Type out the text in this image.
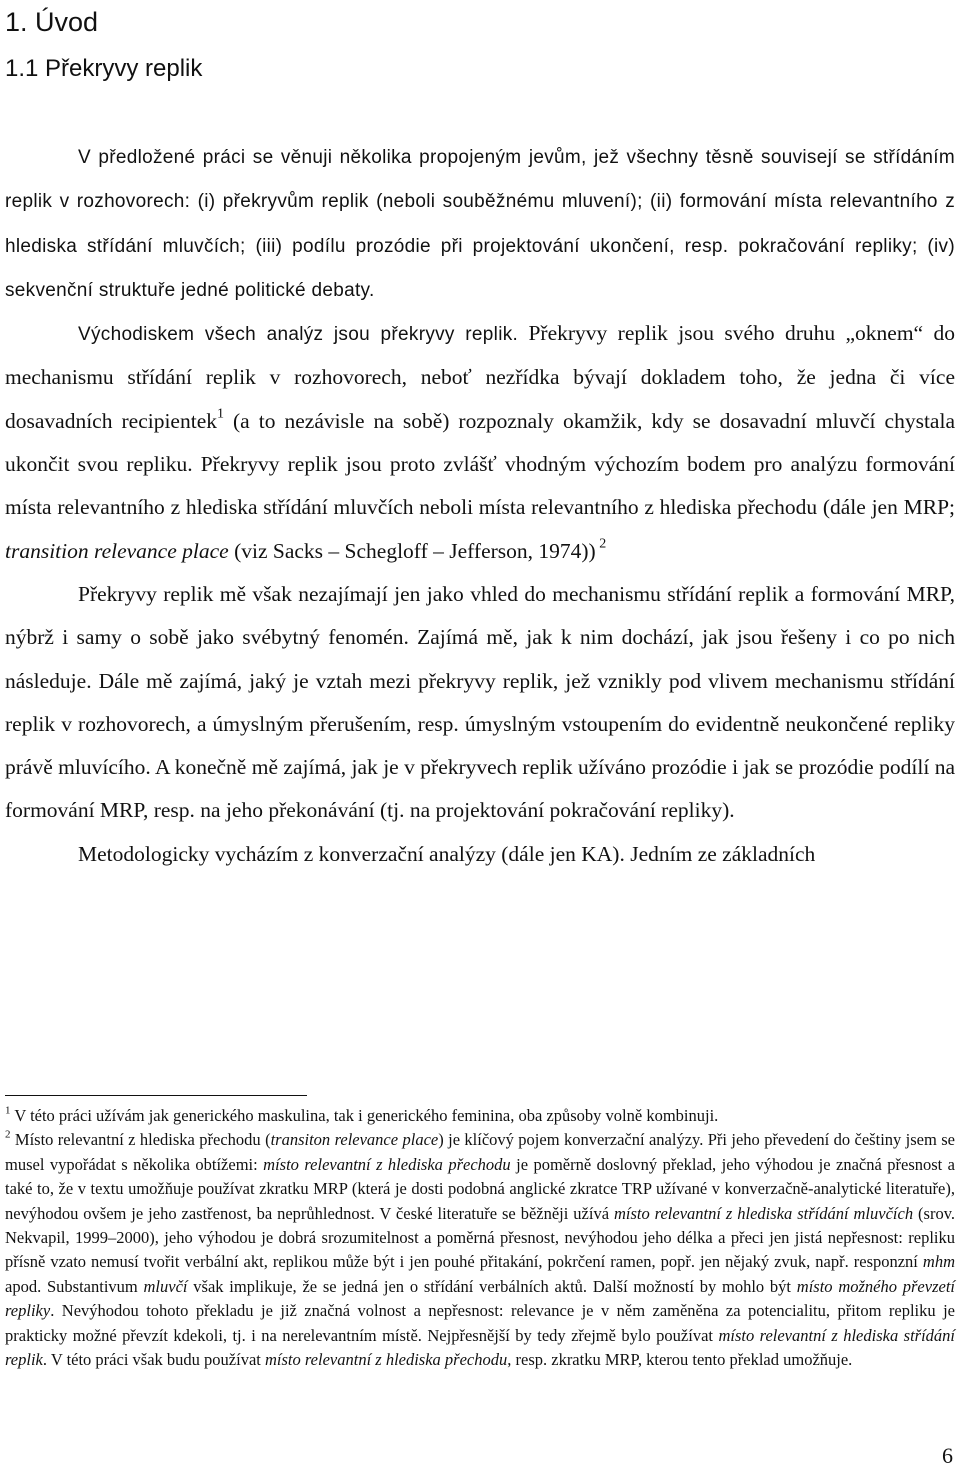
1. Úvod
1.1 Překryvy replik

V předložené práci se věnuji několika propojeným jevům, jež všechny těsně souvisejí se střídáním replik v rozhovorech: (i) překryvům replik (neboli souběžnému mluvení); (ii) formování místa relevantního z hlediska střídání mluvčích; (iii) podílu prozódie při projektování ukončení, resp. pokračování repliky; (iv) sekvenční struktuře jedné politické debaty.

Východiskem všech analýz jsou překryvy replik. Překryvy replik jsou svého druhu „oknem“ do mechanismu střídání replik v rozhovorech, neboť nezřídka bývají dokladem toho, že jedna či více dosavadních recipientek$^1$ (a to nezávisle na sobě) rozpoznaly okamžik, kdy se dosavadní mluvčí chystala ukončit svou repliku. Překryvy replik jsou proto zvlášť vhodným výchozím bodem pro analýzu formování místa relevantního z hlediska střídání mluvčích neboli místa relevantního z hlediska přechodu (dále jen MRP; transition relevance place (viz Sacks – Schegloff – Jefferson, 1974)) $^2$

Překryvy replik mě však nezajímají jen jako vhled do mechanismu střídání replik a formování MRP, nýbrž i samy o sobě jako svébytný fenomén. Zajímá mě, jak k nim dochází, jak jsou řešeny i co po nich následuje. Dále mě zajímá, jaký je vztah mezi překryvy replik, jež vznikly pod vlivem mechanismu střídání replik v rozhovorech, a úmyslným přerušením, resp. úmyslným vstoupením do evidentně neukončené repliky právě mluvícího. A konečně mě zajímá, jak je v překryvech replik užíváno prozódie i jak se prozódie podílí na formování MRP, resp. na jeho překonávání (tj. na projektování pokračování repliky).

Metodologicky vycházím z konverzační analýzy (dále jen KA). Jedním ze základních

$^1$ V této práci užívám jak generického maskulina, tak i generického feminina, oba způsoby volně kombinuji.

$^2$ Místo relevantní z hlediska přechodu (transiton relevance place) je klíčový pojem konverzační analýzy. Při jeho převedení do češtiny jsem se musel vypořádat s několika obtížemi: místo relevantní z hlediska přechodu je poměrně doslovný překlad, jeho výhodou je značná přesnost a také to, že v textu umožňuje používat zkratku MRP (která je dosti podobná anglické zkratce TRP užívané v konverzačně-analytické literatuře), nevýhodou ovšem je jeho zastřenost, ba neprůhlednost. V české literatuře se běžněji užívá místo relevantní z hlediska střídání mluvčích (srov. Nekvapil, 1999–2000), jeho výhodou je dobrá srozumitelnost a poměrná přesnost, nevýhodou jeho délka a přeci jen jistá nepřesnost: repliku přísně vzato nemusí tvořit verbální akt, replikou může být i jen pouhé přitakání, pokrčení ramen, popř. jen nějaký zvuk, např. responzní mhm apod. Substantivum mluvčí však implikuje, že se jedná jen o střídání verbálních aktů. Další možností by mohlo být místo možného převzetí repliky. Nevýhodou tohoto překladu je již značná volnost a nepřesnost: relevance je v něm zaměněna za potencialitu, přitom repliku je prakticky možné převzít kdekoli, tj. i na nerelevantním místě. Nejpřesnější by tedy zřejmě bylo používat místo relevantní z hlediska střídání replik. V této práci však budu používat místo relevantní z hlediska přechodu, resp. zkratku MRP, kterou tento překlad umožňuje.

6
